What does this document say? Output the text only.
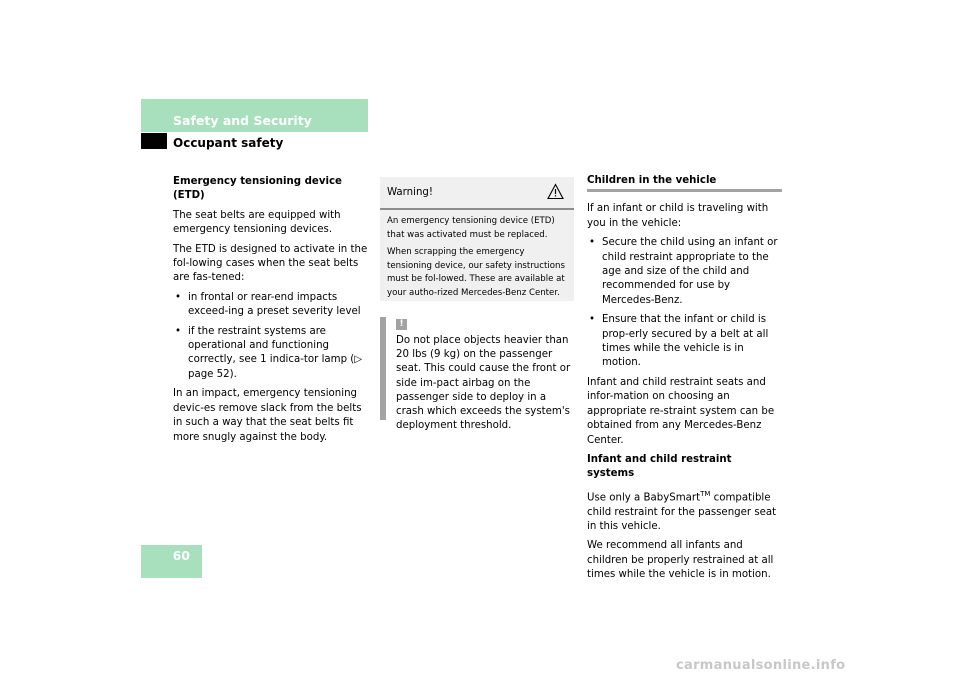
Safety and Security
Occupant safety
Emergency tensioning device (ETD)

The seat belts are equipped with emergency tensioning devices.

The ETD is designed to activate in the fol-lowing cases when the seat belts are fas-tened:

• in frontal or rear-end impacts exceed-ing a preset severity level
• if the restraint systems are operational and functioning correctly, see 1 indica-tor lamp (▷ page 52).

In an impact, emergency tensioning devic-es remove slack from the belts in such a way that the seat belts fit more snugly against the body.

Warning!

An emergency tensioning device (ETD) that was activated must be replaced.

When scrapping the emergency tensioning device, our safety instructions must be fol-lowed. These are available at your autho-rized Mercedes-Benz Center.

!
Do not place objects heavier than 20 lbs (9 kg) on the passenger seat. This could cause the front or side im-pact airbag on the passenger side to deploy in a crash which exceeds the system's deployment threshold.
Children in the vehicle

If an infant or child is traveling with you in the vehicle:

• Secure the child using an infant or child restraint appropriate to the age and size of the child and recommended for use by Mercedes-Benz.
• Ensure that the infant or child is prop-erly secured by a belt at all times while the vehicle is in motion.

Infant and child restraint seats and infor-mation on choosing an appropriate re-straint system can be obtained from any Mercedes-Benz Center.

Infant and child restraint systems

Use only a BabySmart™ compatible child restraint for the passenger seat in this vehicle.

We recommend all infants and children be properly restrained at all times while the vehicle is in motion.

60
carmanualsonline.info
